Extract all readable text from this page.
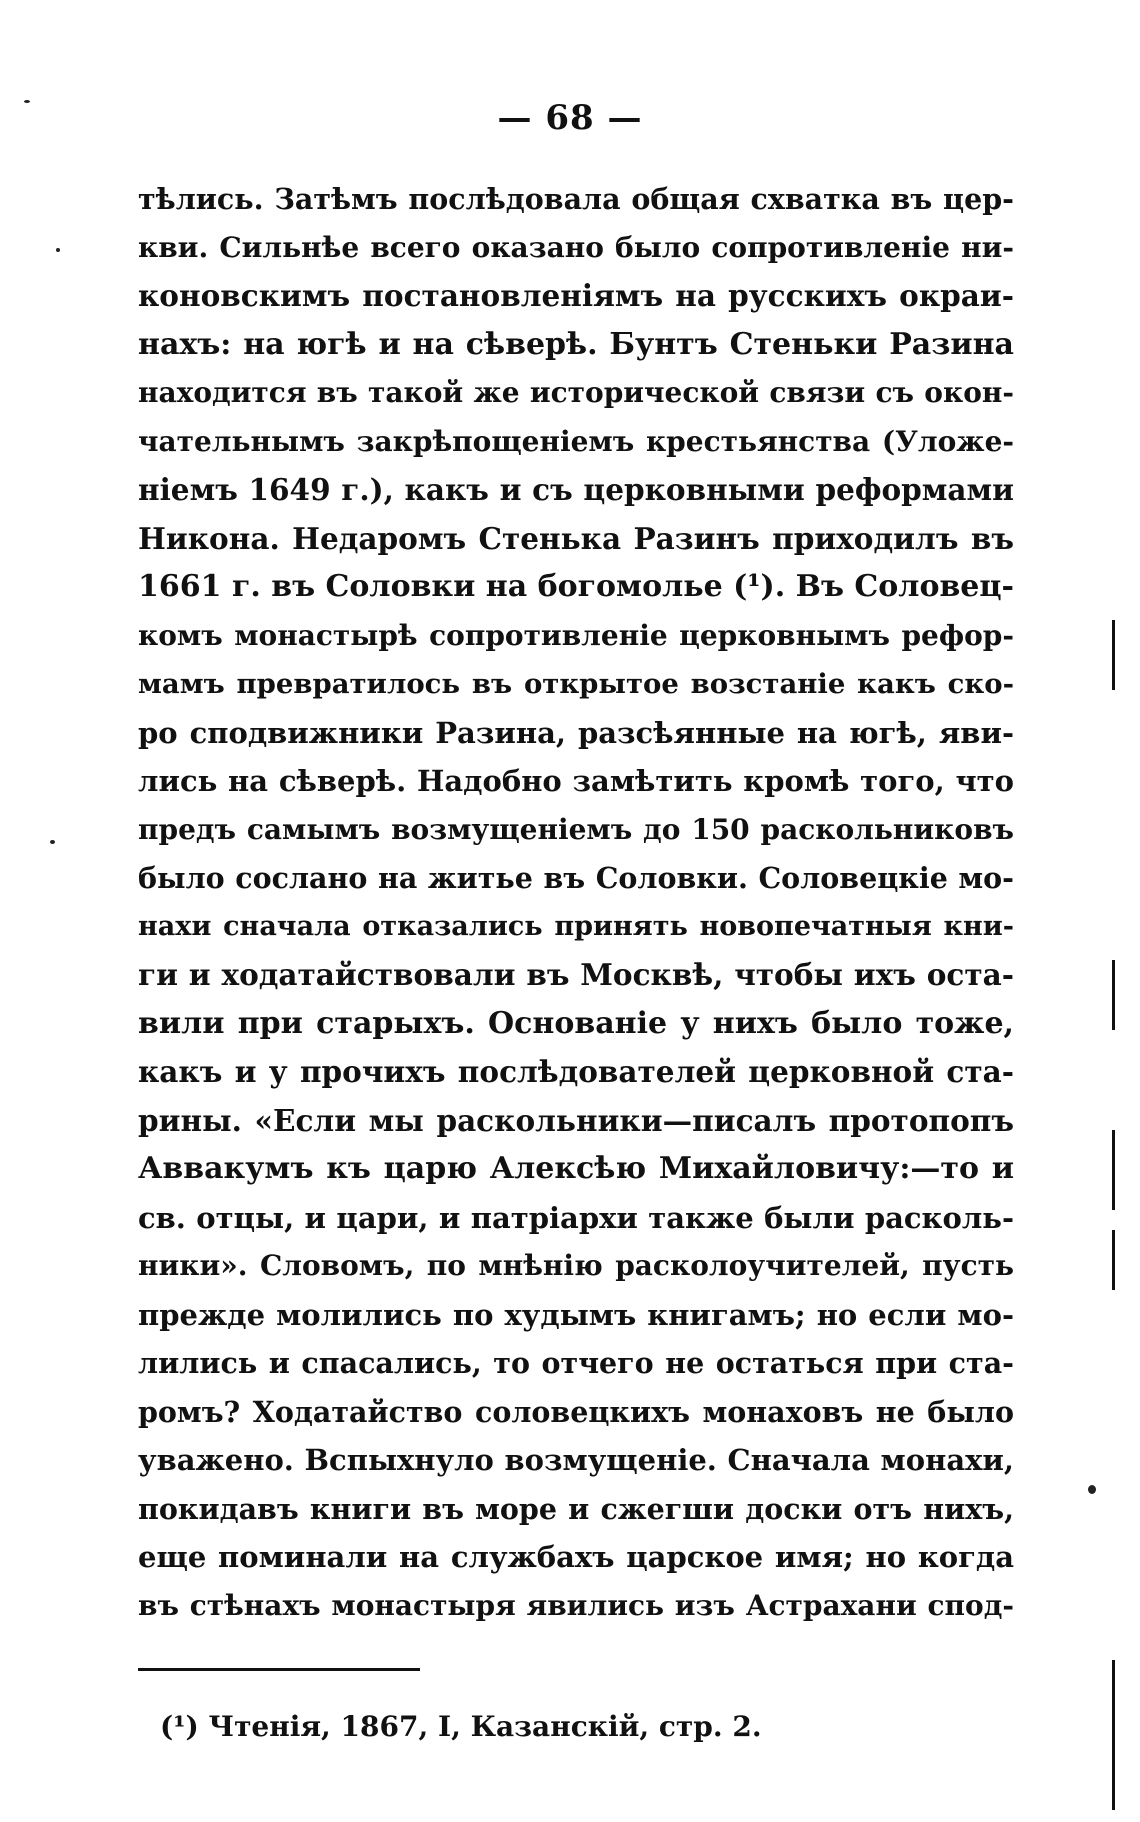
— 68 —
тѣлись. Затѣмъ послѣдовала общая схватка въ цер-
кви. Сильнѣе всего оказано было сопротивленіе ни-
коновскимъ постановленіямъ на русскихъ окраи-
нахъ: на югѣ и на сѣверѣ. Бунтъ Стеньки Разина
находится въ такой же исторической связи съ окон-
чательнымъ закрѣпощеніемъ крестьянства (Уложе-
ніемъ 1649 г.), какъ и съ церковными реформами
Никона. Недаромъ Стенька Разинъ приходилъ въ
1661 г. въ Соловки на богомолье (¹). Въ Соловец-
комъ монастырѣ сопротивленіе церковнымъ рефор-
мамъ превратилось въ открытое возстаніе какъ ско-
ро сподвижники Разина, разсѣянные на югѣ, яви-
лись на сѣверѣ. Надобно замѣтить кромѣ того, что
предъ самымъ возмущеніемъ до 150 раскольниковъ
было сослано на житье въ Соловки. Соловецкіе мо-
нахи сначала отказались принять новопечатныя кни-
ги и ходатайствовали въ Москвѣ, чтобы ихъ оста-
вили при старыхъ. Основаніе у нихъ было тоже,
какъ и у прочихъ послѣдователей церковной ста-
рины. «Если мы раскольники—писалъ протопопъ
Аввакумъ къ царю Алексѣю Михайловичу:—то и
св. отцы, и цари, и патріархи также были расколь-
ники». Словомъ, по мнѣнію расколоучителей, пусть
прежде молились по худымъ книгамъ; но если мо-
лились и спасались, то отчего не остаться при ста-
ромъ? Ходатайство соловецкихъ монаховъ не было
уважено. Вспыхнуло возмущеніе. Сначала монахи,
покидавъ книги въ море и сжегши доски отъ нихъ,
еще поминали на службахъ царское имя; но когда
въ стѣнахъ монастыря явились изъ Астрахани спод-
(¹) Чтенія, 1867, I, Казанскій, стр. 2.
